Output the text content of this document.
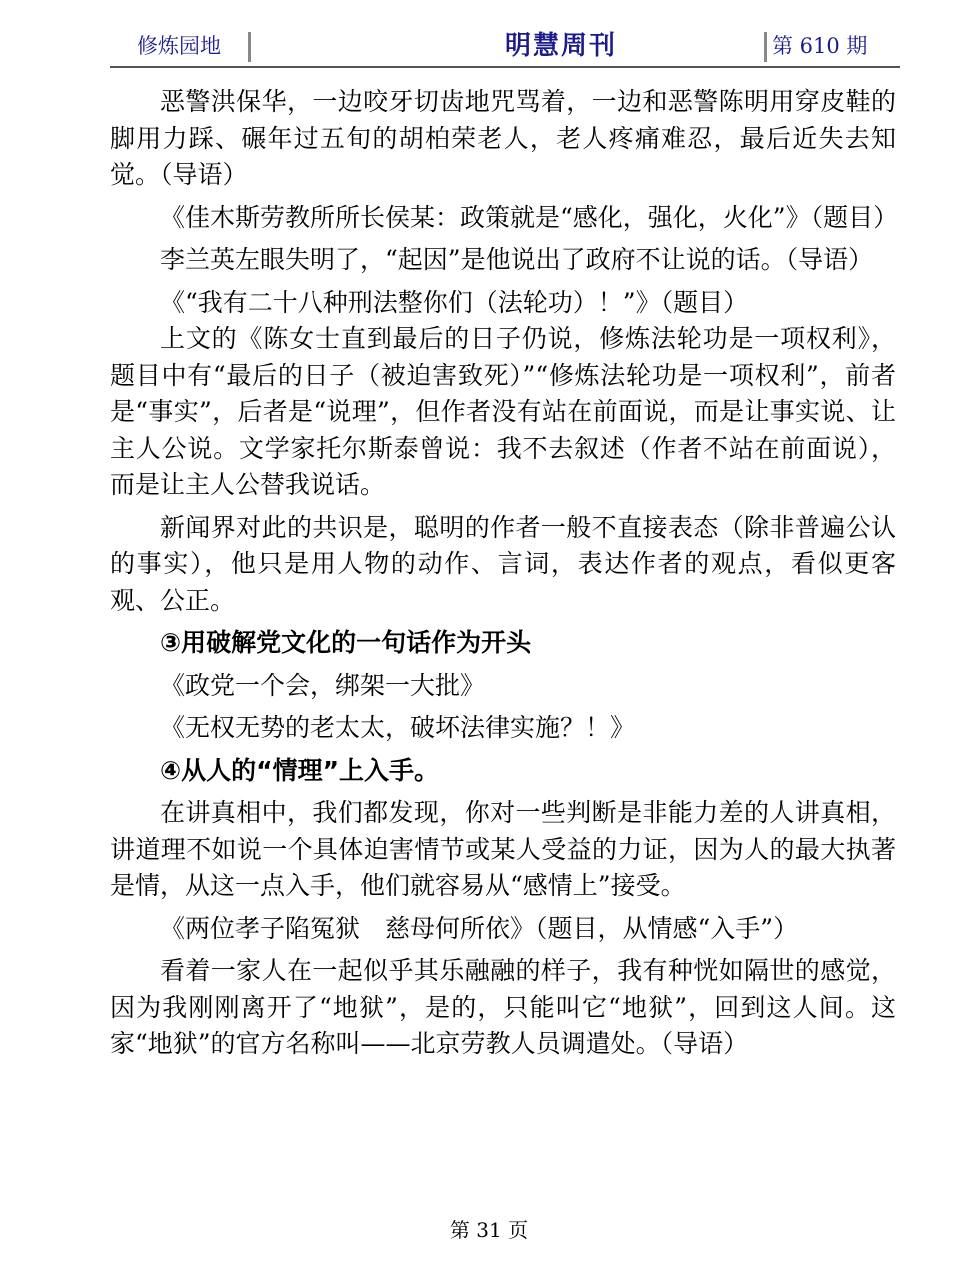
修炼园地	明慧周刊	第 610 期

恶警洪保华，一边咬牙切齿地咒骂着，一边和恶警陈明用穿皮鞋的脚用力踩、碾年过五旬的胡柏荣老人，老人疼痛难忍，最后近失去知觉。（导语）

《佳木斯劳教所所长侯某：政策就是“感化，强化，火化”》（题目）

李兰英左眼失明了，“起因”是他说出了政府不让说的话。（导语）

《“我有二十八种刑法整你们（法轮功）！”》（题目）

上文的《陈女士直到最后的日子仍说，修炼法轮功是一项权利》，题目中有“最后的日子（被迫害致死）”“修炼法轮功是一项权利”，前者是“事实”，后者是“说理”，但作者没有站在前面说，而是让事实说、让主人公说。文学家托尔斯泰曾说：我不去叙述（作者不站在前面说），而是让主人公替我说话。

新闻界对此的共识是，聪明的作者一般不直接表态（除非普遍公认的事实），他只是用人物的动作、言词，表达作者的观点，看似更客观、公正。

③用破解党文化的一句话作为开头

《政党一个会，绑架一大批》

《无权无势的老太太，破坏法律实施？！》

④从人的“情理”上入手。

在讲真相中，我们都发现，你对一些判断是非能力差的人讲真相，讲道理不如说一个具体迫害情节或某人受益的力证，因为人的最大执著是情，从这一点入手，他们就容易从“感情上”接受。

《两位孝子陷冤狱　慈母何所依》（题目，从情感“入手”）

看着一家人在一起似乎其乐融融的样子，我有种恍如隔世的感觉，因为我刚刚离开了“地狱”，是的，只能叫它“地狱”，回到这人间。这家“地狱”的官方名称叫——北京劳教人员调遣处。（导语）

第 31 页
